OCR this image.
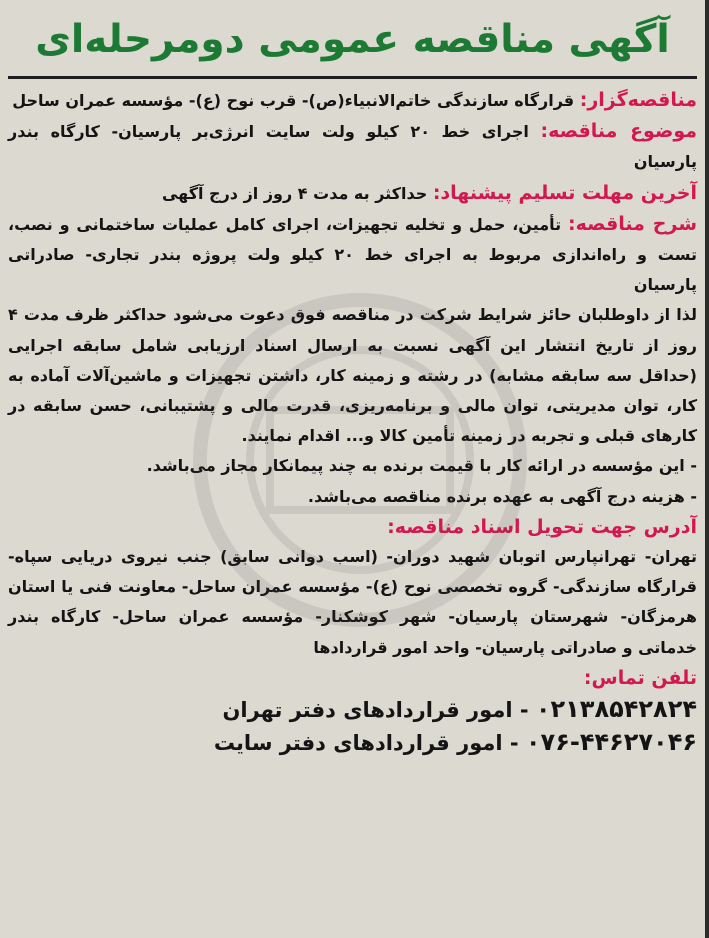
آگهی مناقصه عمومی دومرحله‌ای

مناقصه‌گزار: قرارگاه سازندگی خاتم‌الانبیاء(ص)- قرب نوح (ع)- مؤسسه عمران ساحل

موضوع مناقصه: اجرای خط ۲۰ کیلو ولت سایت انرژی‌بر پارسیان- کارگاه بندر پارسیان

آخرین مهلت تسلیم پیشنهاد: حداکثر به مدت ۴ روز از درج آگهی

شرح مناقصه: تأمین، حمل و تخلیه تجهیزات، اجرای کامل عملیات ساختمانی و نصب، تست و راه‌اندازی مربوط به اجرای خط ۲۰ کیلو ولت پروژه بندر تجاری- صادراتی پارسیان

لذا از داوطلبان حائز شرایط شرکت در مناقصه فوق دعوت می‌شود حداکثر ظرف مدت ۴ روز از تاریخ انتشار این آگهی نسبت به ارسال اسناد ارزیابی شامل سابقه اجرایی (حداقل سه سابقه مشابه) در رشته و زمینه کار، داشتن تجهیزات و ماشین‌آلات آماده به کار، توان مدیریتی، توان مالی و برنامه‌ریزی، قدرت مالی و پشتیبانی، حسن سابقه در کارهای قبلی و تجربه در زمینه تأمین کالا و... اقدام نمایند.

- این مؤسسه در ارائه کار با قیمت برنده به چند پیمانکار مجاز می‌باشد.

- هزینه درج آگهی به عهده برنده مناقصه می‌باشد.

آدرس جهت تحویل اسناد مناقصه:

تهران- تهرانپارس اتوبان شهید دوران- (اسب دوانی سابق) جنب نیروی دریایی سپاه- قرارگاه سازندگی- گروه تخصصی نوح (ع)- مؤسسه عمران ساحل- معاونت فنی یا استان هرمزگان- شهرستان پارسیان- شهر کوشکنار- مؤسسه عمران ساحل- کارگاه بندر خدماتی و صادراتی پارسیان- واحد امور قراردادها

تلفن تماس:

۰۲۱۳۸۵۴۲۸۲۴ - امور قراردادهای دفتر تهران
۰۷۶-۴۴۶۲۷۰۴۶ - امور قراردادهای دفتر سایت
